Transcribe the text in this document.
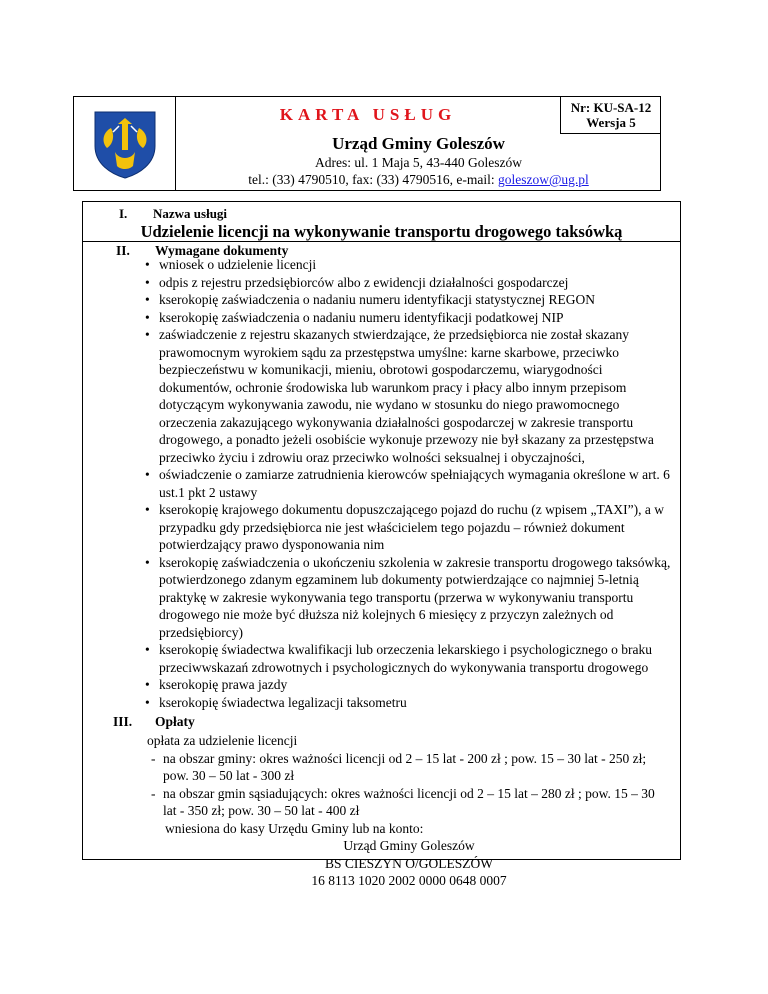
KARTA USŁUG	Nr: KU-SA-12
Wersja 5
Urząd Gminy Goleszów
Adres: ul. 1 Maja 5, 43-440 Goleszów
tel.: (33) 4790510, fax: (33) 4790516, e-mail: goleszow@ug.pl
I. Nazwa usługi
Udzielenie licencji na wykonywanie transportu drogowego taksówką
II. Wymagane dokumenty
• wniosek o udzielenie licencji
• odpis z rejestru przedsiębiorców albo z ewidencji działalności gospodarczej
• kserokopię zaświadczenia o nadaniu numeru identyfikacji statystycznej REGON
• kserokopię zaświadczenia o nadaniu numeru identyfikacji podatkowej NIP
• zaświadczenie z rejestru skazanych stwierdzające, że przedsiębiorca nie został skazany prawomocnym wyrokiem sądu za przestępstwa umyślne: karne skarbowe, przeciwko bezpieczeństwu w komunikacji, mieniu, obrotowi gospodarczemu, wiarygodności dokumentów, ochronie środowiska lub warunkom pracy i płacy albo innym przepisom dotyczącym wykonywania zawodu, nie wydano w stosunku do niego prawomocnego orzeczenia zakazującego wykonywania działalności gospodarczej w zakresie transportu drogowego, a ponadto jeżeli osobiście wykonuje przewozy nie był skazany za przestępstwa przeciwko życiu i zdrowiu oraz przeciwko wolności seksualnej i obyczajności,
• oświadczenie o zamiarze zatrudnienia kierowców spełniających wymagania określone w art. 6 ust.1 pkt 2 ustawy
• kserokopię krajowego dokumentu dopuszczającego pojazd do ruchu (z wpisem „TAXI”), a w przypadku gdy przedsiębiorca nie jest właścicielem tego pojazdu – również dokument potwierdzający prawo dysponowania nim
• kserokopię zaświadczenia o ukończeniu szkolenia w zakresie transportu drogowego taksówką, potwierdzonego zdanym egzaminem lub dokumenty potwierdzające co najmniej 5-letnią praktykę w zakresie wykonywania tego transportu (przerwa w wykonywaniu transportu drogowego nie może być dłuższa niż kolejnych 6 miesięcy z przyczyn zależnych od przedsiębiorcy)
• kserokopię świadectwa kwalifikacji lub orzeczenia lekarskiego i psychologicznego o braku przeciwwskazań zdrowotnych i psychologicznych do wykonywania transportu drogowego
• kserokopię prawa jazdy
• kserokopię świadectwa legalizacji taksometru
III. Opłaty
opłata za udzielenie licencji
- na obszar gminy: okres ważności licencji od 2 – 15 lat - 200 zł ; pow. 15 – 30 lat - 250 zł; pow. 30 – 50 lat - 300 zł
- na obszar gmin sąsiadujących: okres ważności licencji od 2 – 15 lat – 280 zł ; pow. 15 – 30 lat - 350 zł; pow. 30 – 50 lat - 400 zł
wniesiona do kasy Urzędu Gminy lub na konto:
Urząd Gminy Goleszów
BS CIESZYN O/GOLESZÓW
16 8113 1020 2002 0000 0648 0007
